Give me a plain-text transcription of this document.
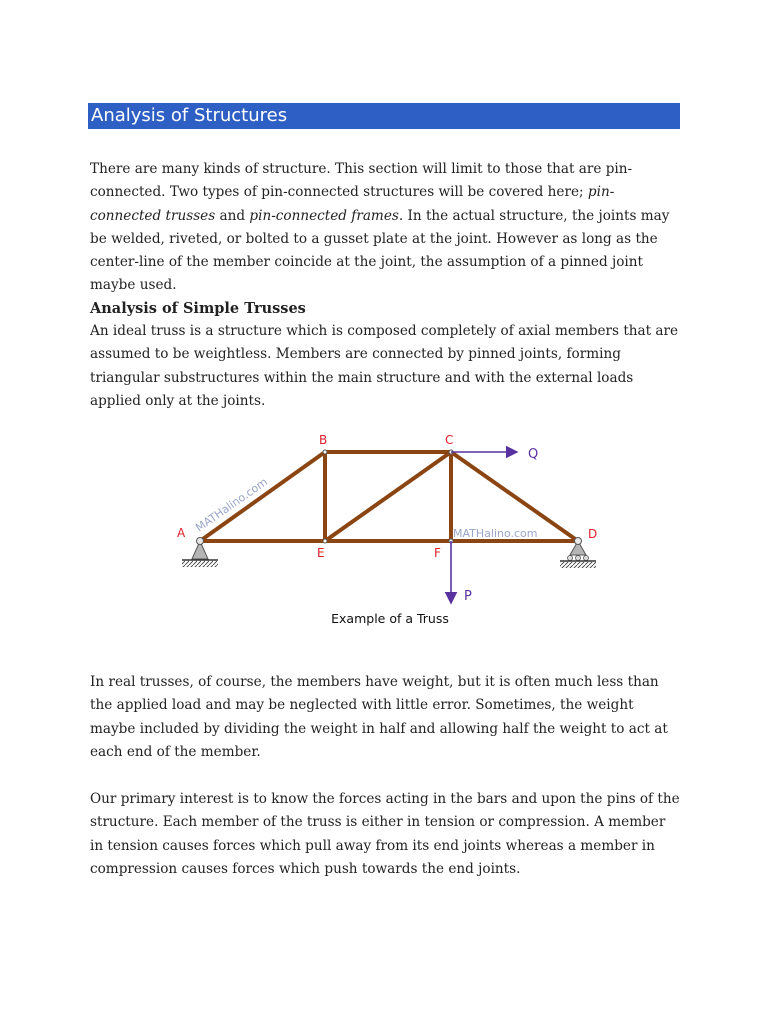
Analysis of Structures

There are many kinds of structure. This section will limit to those that are pin-connected. Two types of pin-connected structures will be covered here; pin-connected trusses and pin-connected frames. In the actual structure, the joints may be welded, riveted, or bolted to a gusset plate at the joint. However as long as the center-line of the member coincide at the joint, the assumption of a pinned joint maybe used.

Analysis of Simple Trusses

An ideal truss is a structure which is composed completely of axial members that are assumed to be weightless. Members are connected by pinned joints, forming triangular substructures within the main structure and with the external loads applied only at the joints.

MATHalino.com	MATHalino.com
A
B	C
D
E	F
Q
P
Example of a Truss

In real trusses, of course, the members have weight, but it is often much less than the applied load and may be neglected with little error. Sometimes, the weight maybe included by dividing the weight in half and allowing half the weight to act at each end of the member.

Our primary interest is to know the forces acting in the bars and upon the pins of the structure. Each member of the truss is either in tension or compression. A member in tension causes forces which pull away from its end joints whereas a member in compression causes forces which push towards the end joints.
